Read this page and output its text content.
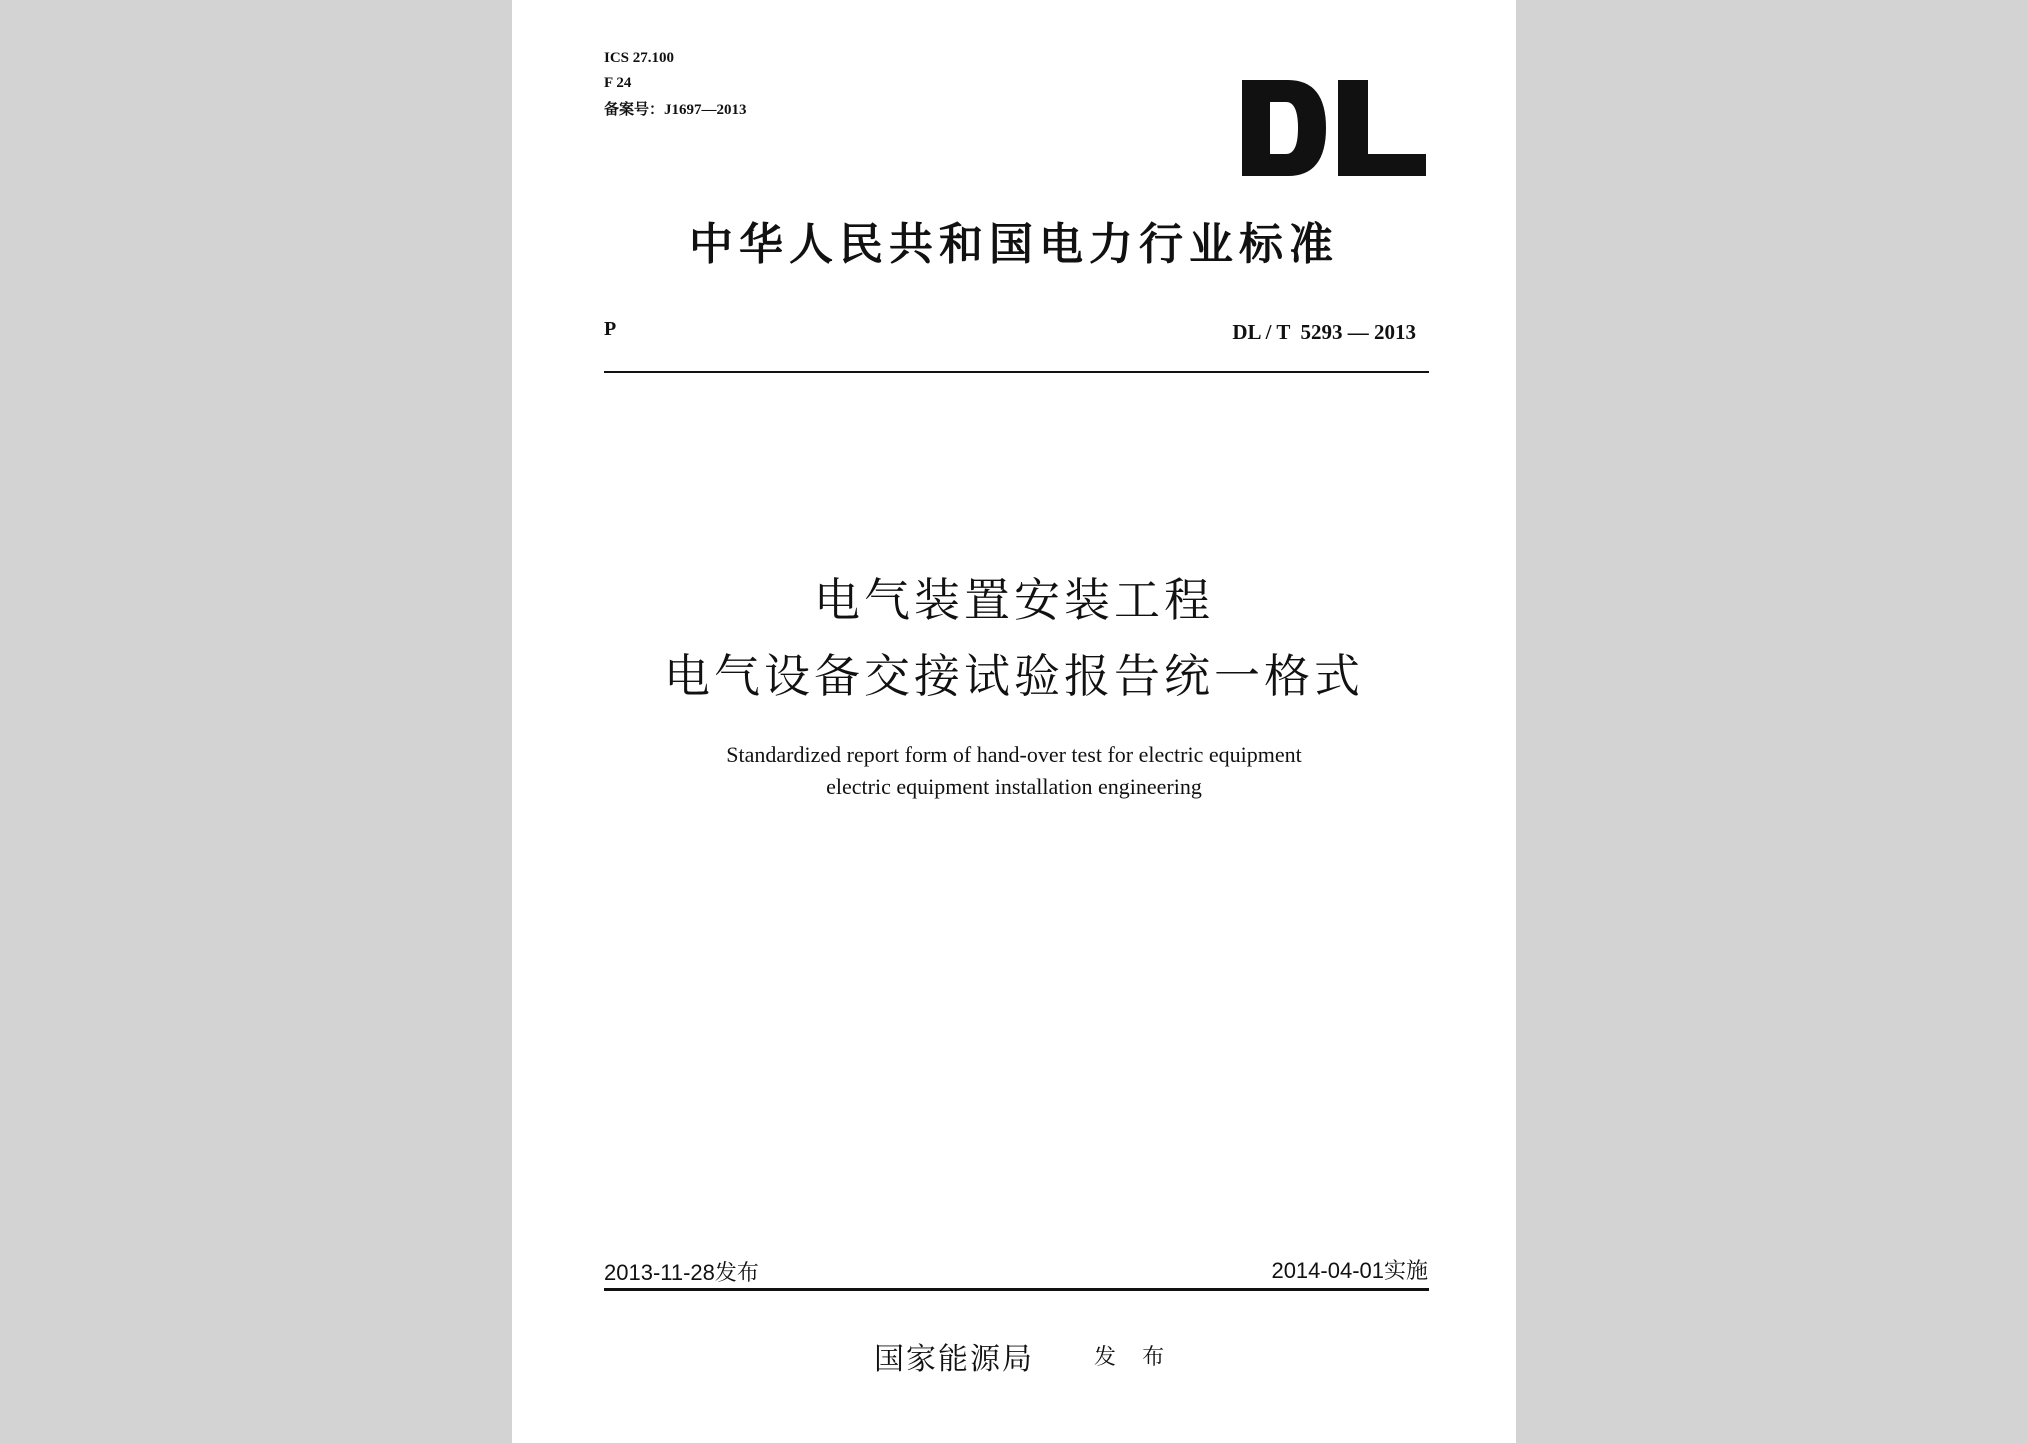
ICS 27.100
F 24
备案号：J1697—2013
中华人民共和国电力行业标准
P	DL / T  5293 — 2013
电气装置安装工程
电气设备交接试验报告统一格式
Standardized report form of hand-over test for electric equipment
electric equipment installation engineering
2013-11-28发布	2014-04-01实施
国家能源局	发 布
